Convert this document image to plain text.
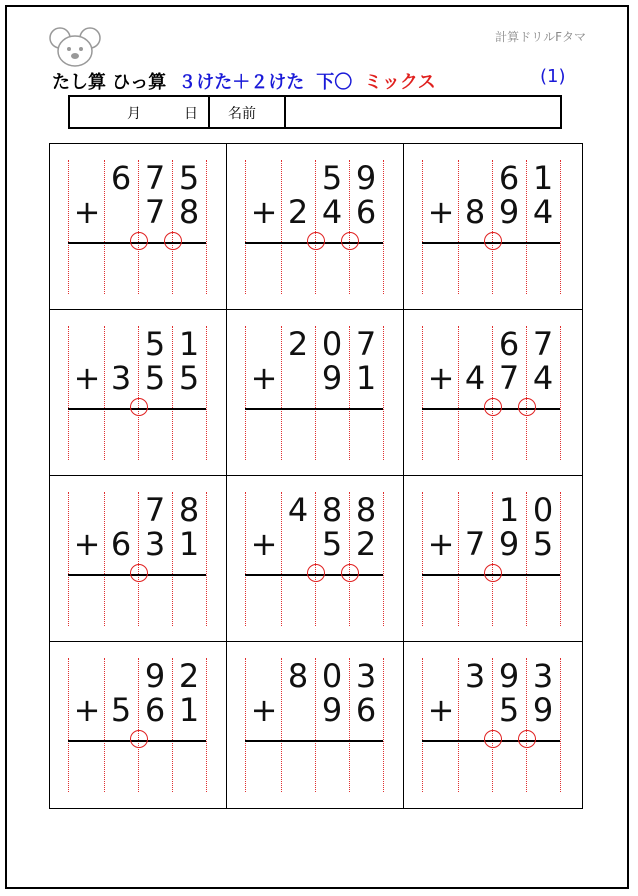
計算ドリルFタマ
たし算 ひっ算 ３けた＋２けた 下〇 ミックス	(1)
月	日 名前
6 7 5
+ 7 8
5 9
+ 2 4 6
6 1
+ 8 9 4
5 1
+ 3 5 5
2 0 7
+ 9 1
6 7
+ 4 7 4
7 8
+ 6 3 1
4 8 8
+ 5 2
1 0
+ 7 9 5
9 2
+ 5 6 1
8 0 3
+ 9 6
3 9 3
+ 5 9
